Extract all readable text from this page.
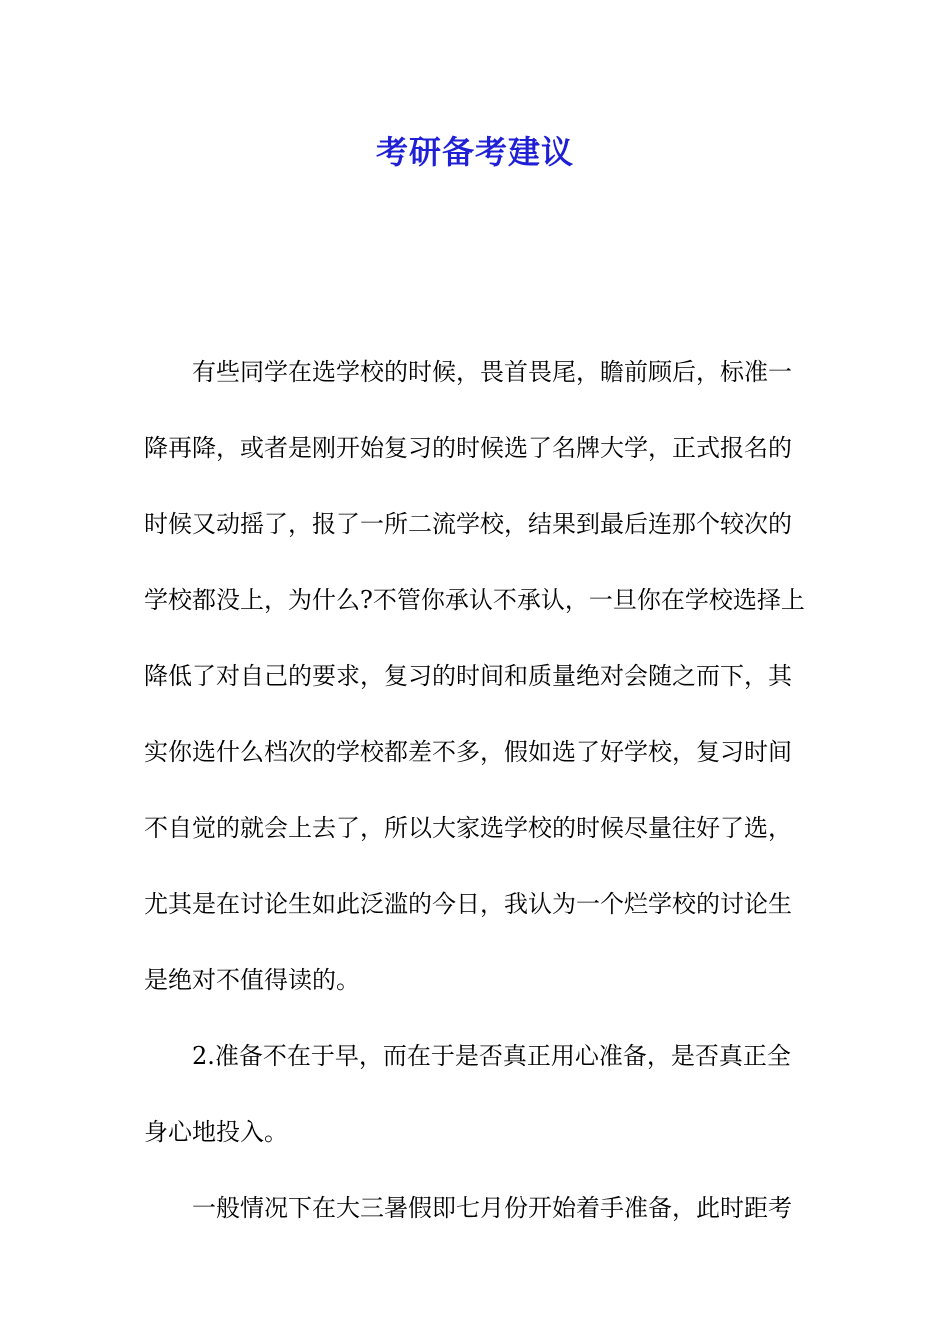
考研备考建议
有些同学在选学校的时候，畏首畏尾，瞻前顾后，标准一
降再降，或者是刚开始复习的时候选了名牌大学，正式报名的
时候又动摇了，报了一所二流学校，结果到最后连那个较次的
学校都没上，为什么?不管你承认不承认，一旦你在学校选择上
降低了对自己的要求，复习的时间和质量绝对会随之而下，其
实你选什么档次的学校都差不多，假如选了好学校，复习时间
不自觉的就会上去了，所以大家选学校的时候尽量往好了选，
尤其是在讨论生如此泛滥的今日，我认为一个烂学校的讨论生
是绝对不值得读的。
2.准备不在于早，而在于是否真正用心准备，是否真正全
身心地投入。
一般情况下在大三暑假即七月份开始着手准备，此时距考
